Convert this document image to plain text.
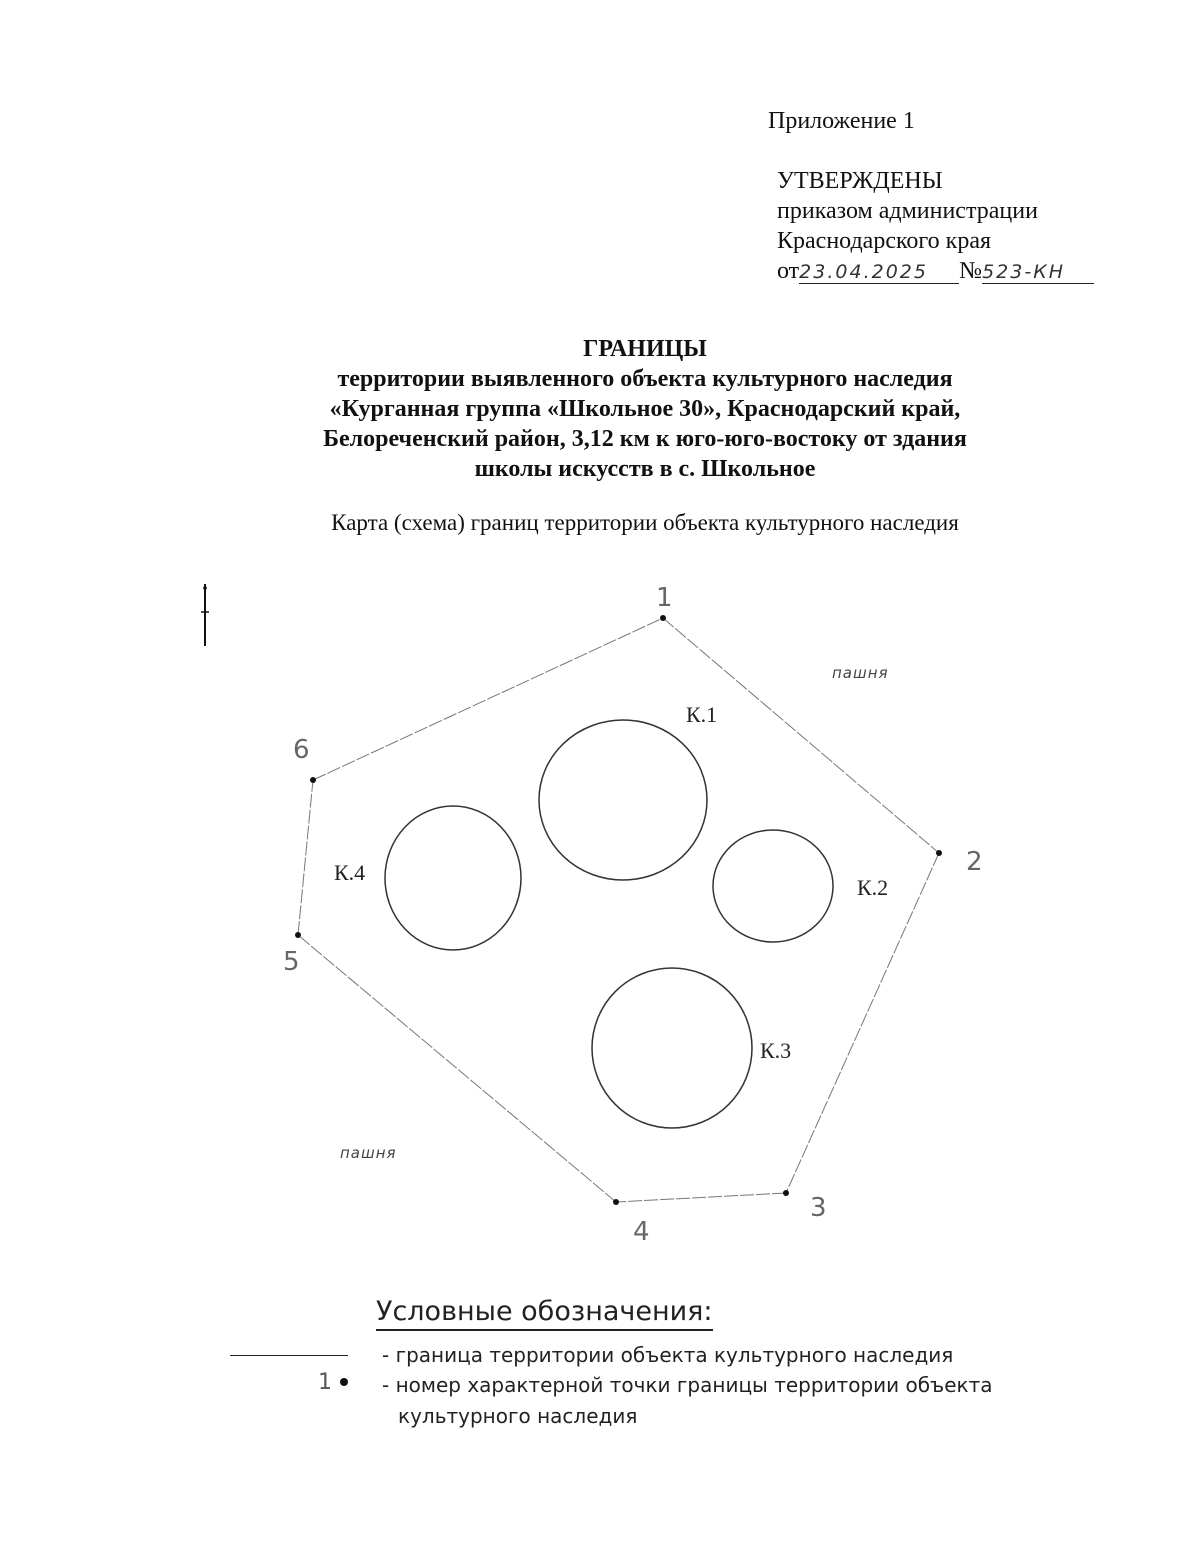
Приложение 1
УТВЕРЖДЕНЫ
приказом администрации
Краснодарского края
от23.04.2025 №523-КН
ГРАНИЦЫ
территории выявленного объекта культурного наследия
«Курганная группа «Школьное 30», Краснодарский край,
Белореченский район, 3,12 км к юго-юго-востоку от здания
школы искусств в с. Школьное
Карта (схема) границ территории объекта культурного наследия
1
2
3
4
5
6
К.1
К.2
К.3
К.4
пашня
пашня
Условные обозначения:
- граница территории объекта культурного наследия
1	- номер характерной точки границы территории объекта
культурного наследия
